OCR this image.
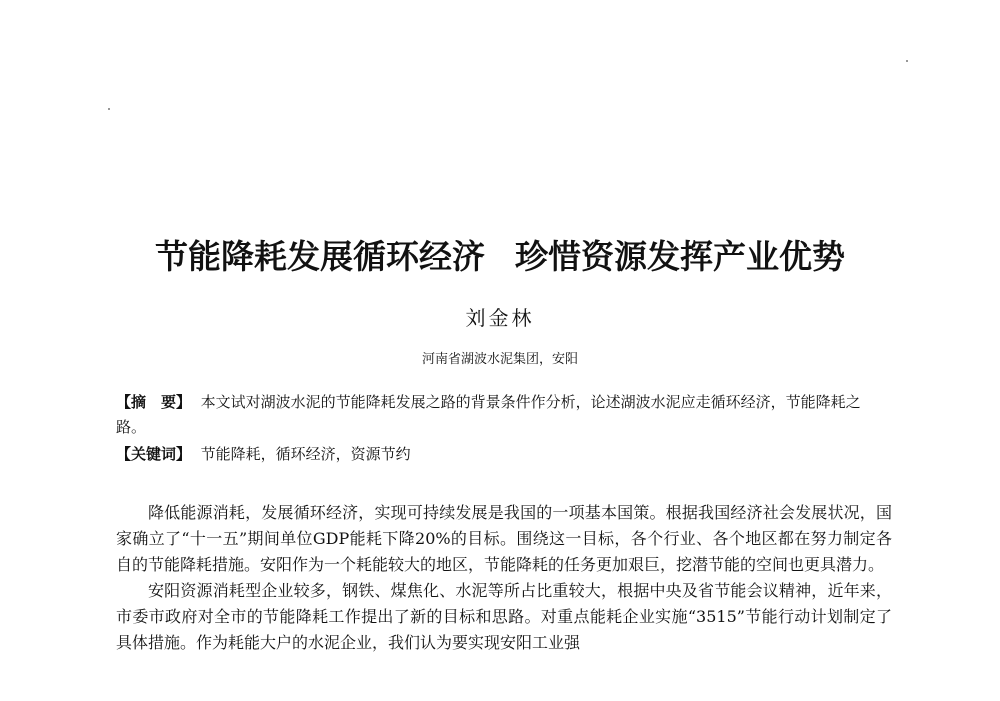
节能降耗发展循环经济 珍惜资源发挥产业优势
刘金林
河南省湖波水泥集团，安阳
【摘　要】 本文试对湖波水泥的节能降耗发展之路的背景条件作分析，论述湖波水泥应走循环经济，节能降耗之路。
【关键词】 节能降耗，循环经济，资源节约

降低能源消耗，发展循环经济，实现可持续发展是我国的一项基本国策。根据我国经济社会发展状况，国家确立了“十一五”期间单位GDP能耗下降20%的目标。围绕这一目标，各个行业、各个地区都在努力制定各自的节能降耗措施。安阳作为一个耗能较大的地区，节能降耗的任务更加艰巨，挖潜节能的空间也更具潜力。

安阳资源消耗型企业较多，钢铁、煤焦化、水泥等所占比重较大，根据中央及省节能会议精神，近年来，市委市政府对全市的节能降耗工作提出了新的目标和思路。对重点能耗企业实施“3515”节能行动计划制定了具体措施。作为耗能大户的水泥企业，我们认为要实现安阳工业强
